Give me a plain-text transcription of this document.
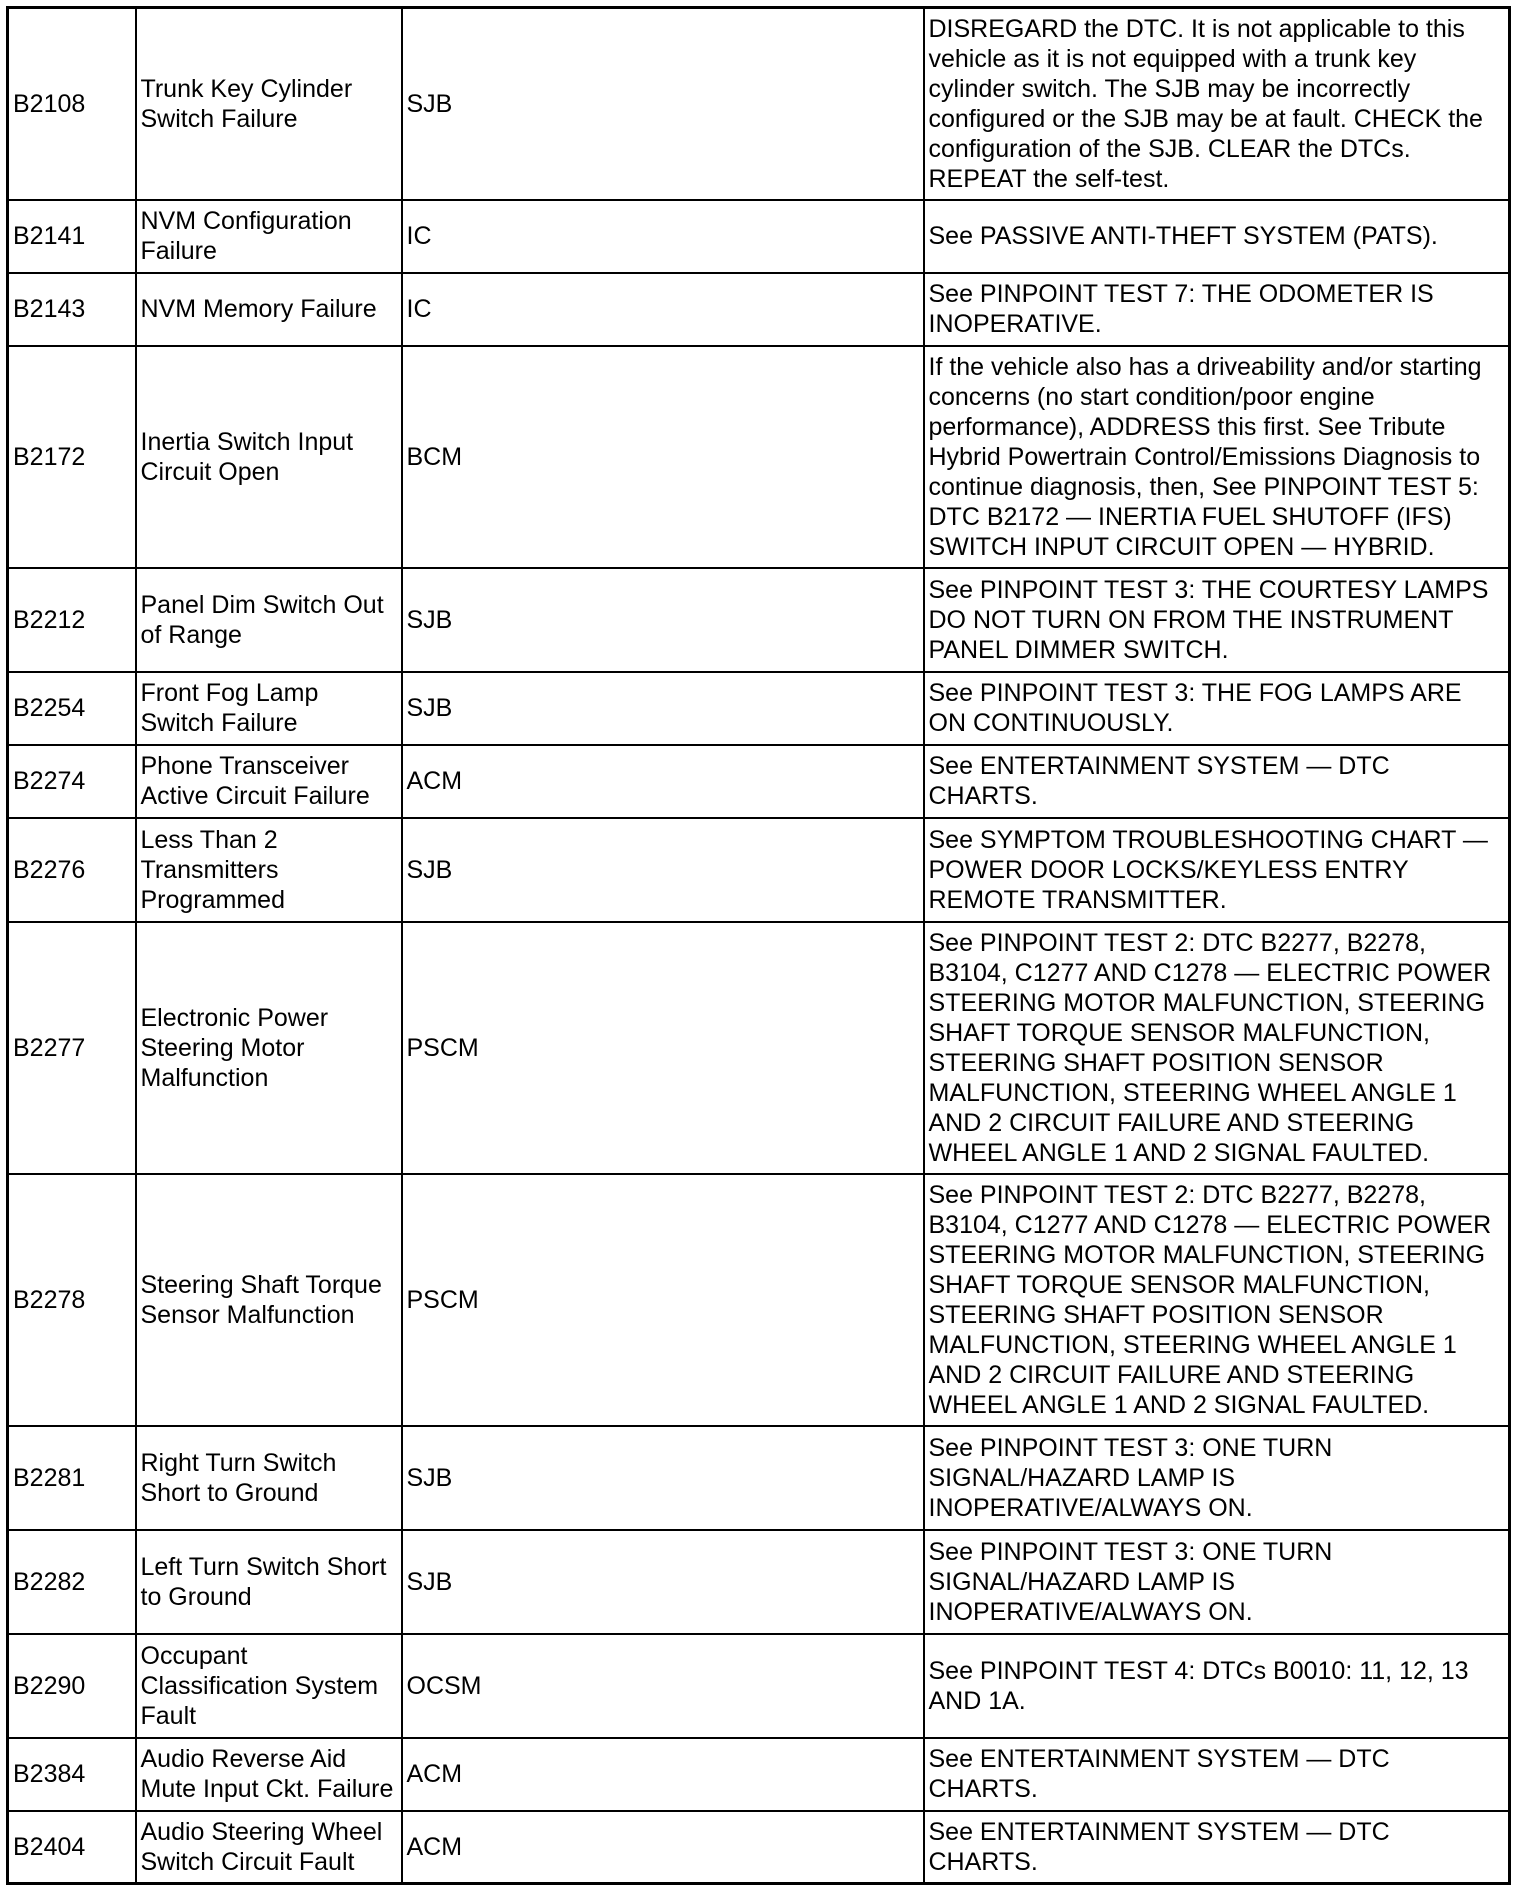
B2108	Trunk Key Cylinder Switch Failure	SJB	DISREGARD the DTC. It is not applicable to this vehicle as it is not equipped with a trunk key cylinder switch. The SJB may be incorrectly configured or the SJB may be at fault. CHECK the configuration of the SJB. CLEAR the DTCs. REPEAT the self-test.
B2141	NVM Configuration Failure	IC	See PASSIVE ANTI-THEFT SYSTEM (PATS).
B2143	NVM Memory Failure	IC	See PINPOINT TEST 7: THE ODOMETER IS INOPERATIVE.
B2172	Inertia Switch Input Circuit Open	BCM	If the vehicle also has a driveability and/or starting concerns (no start condition/poor engine performance), ADDRESS this first. See Tribute Hybrid Powertrain Control/Emissions Diagnosis to continue diagnosis, then, See PINPOINT TEST 5: DTC B2172 — INERTIA FUEL SHUTOFF (IFS) SWITCH INPUT CIRCUIT OPEN — HYBRID.
B2212	Panel Dim Switch Out of Range	SJB	See PINPOINT TEST 3: THE COURTESY LAMPS DO NOT TURN ON FROM THE INSTRUMENT PANEL DIMMER SWITCH.
B2254	Front Fog Lamp Switch Failure	SJB	See PINPOINT TEST 3: THE FOG LAMPS ARE ON CONTINUOUSLY.
B2274	Phone Transceiver Active Circuit Failure	ACM	See ENTERTAINMENT SYSTEM — DTC CHARTS.
B2276	Less Than 2 Transmitters Programmed	SJB	See SYMPTOM TROUBLESHOOTING CHART — POWER DOOR LOCKS/KEYLESS ENTRY REMOTE TRANSMITTER.
B2277	Electronic Power Steering Motor Malfunction	PSCM	See PINPOINT TEST 2: DTC B2277, B2278, B3104, C1277 AND C1278 — ELECTRIC POWER STEERING MOTOR MALFUNCTION, STEERING SHAFT TORQUE SENSOR MALFUNCTION, STEERING SHAFT POSITION SENSOR MALFUNCTION, STEERING WHEEL ANGLE 1 AND 2 CIRCUIT FAILURE AND STEERING WHEEL ANGLE 1 AND 2 SIGNAL FAULTED.
B2278	Steering Shaft Torque Sensor Malfunction	PSCM	See PINPOINT TEST 2: DTC B2277, B2278, B3104, C1277 AND C1278 — ELECTRIC POWER STEERING MOTOR MALFUNCTION, STEERING SHAFT TORQUE SENSOR MALFUNCTION, STEERING SHAFT POSITION SENSOR MALFUNCTION, STEERING WHEEL ANGLE 1 AND 2 CIRCUIT FAILURE AND STEERING WHEEL ANGLE 1 AND 2 SIGNAL FAULTED.
B2281	Right Turn Switch Short to Ground	SJB	See PINPOINT TEST 3: ONE TURN SIGNAL/HAZARD LAMP IS INOPERATIVE/ALWAYS ON.
B2282	Left Turn Switch Short to Ground	SJB	See PINPOINT TEST 3: ONE TURN SIGNAL/HAZARD LAMP IS INOPERATIVE/ALWAYS ON.
B2290	Occupant Classification System Fault	OCSM	See PINPOINT TEST 4: DTCs B0010: 11, 12, 13 AND 1A.
B2384	Audio Reverse Aid Mute Input Ckt. Failure	ACM	See ENTERTAINMENT SYSTEM — DTC CHARTS.
B2404	Audio Steering Wheel Switch Circuit Fault	ACM	See ENTERTAINMENT SYSTEM — DTC CHARTS.
